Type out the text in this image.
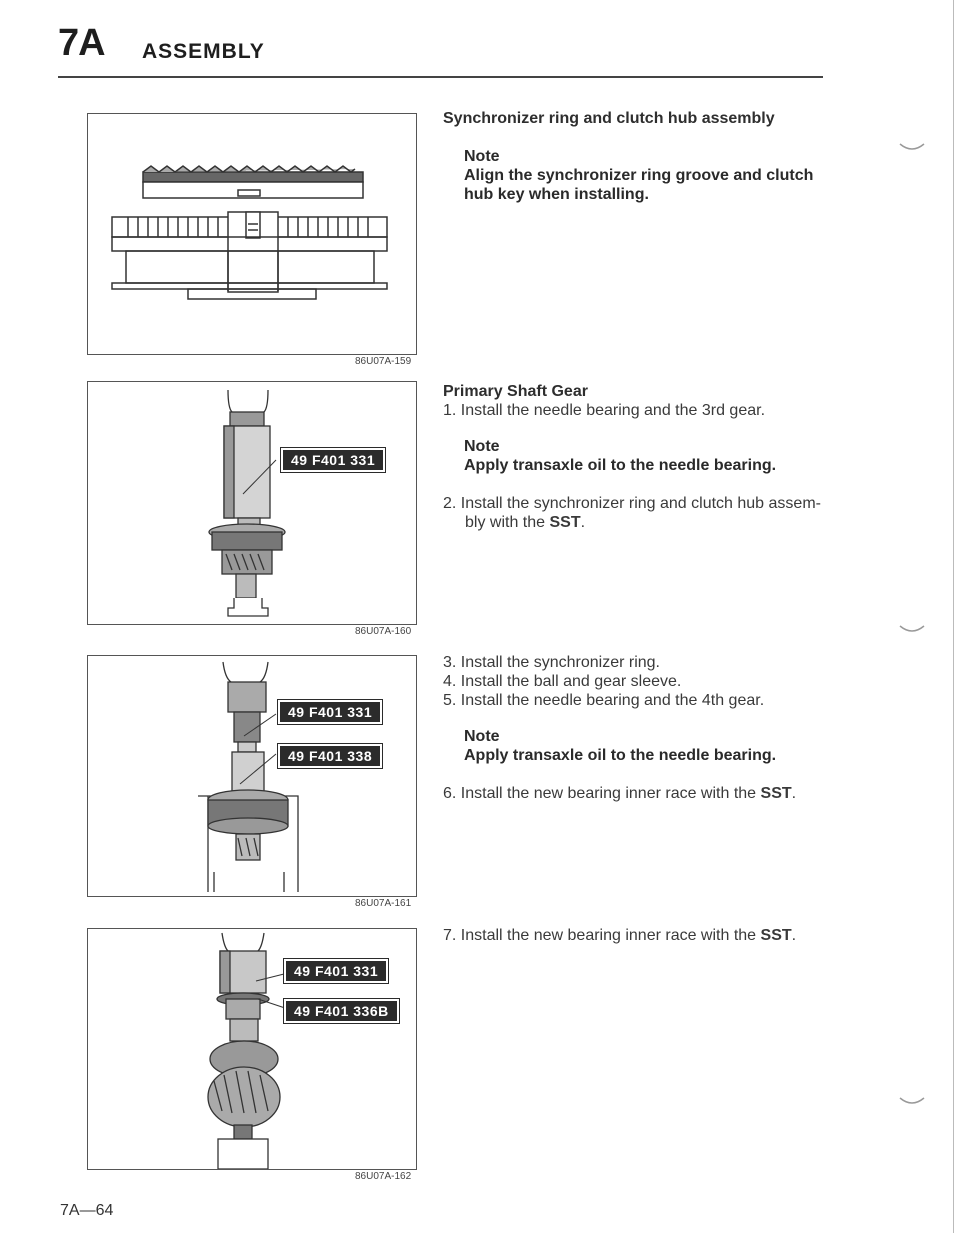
7A ASSEMBLY
86U07A-159
49 F401 331
86U07A-160
49 F401 331
49 F401 338
86U07A-161
49 F401 331
49 F401 336B
86U07A-162
Synchronizer ring and clutch hub assembly
Note
Align the synchronizer ring groove and clutch
hub key when installing.
Primary Shaft Gear
1. Install the needle bearing and the 3rd gear.
Note
Apply transaxle oil to the needle bearing.
2. Install the synchronizer ring and clutch hub assem-
bly with the SST.
3. Install the synchronizer ring.
4. Install the ball and gear sleeve.
5. Install the needle bearing and the 4th gear.
Note
Apply transaxle oil to the needle bearing.
6. Install the new bearing inner race with the SST.
7. Install the new bearing inner race with the SST.
7A—64
